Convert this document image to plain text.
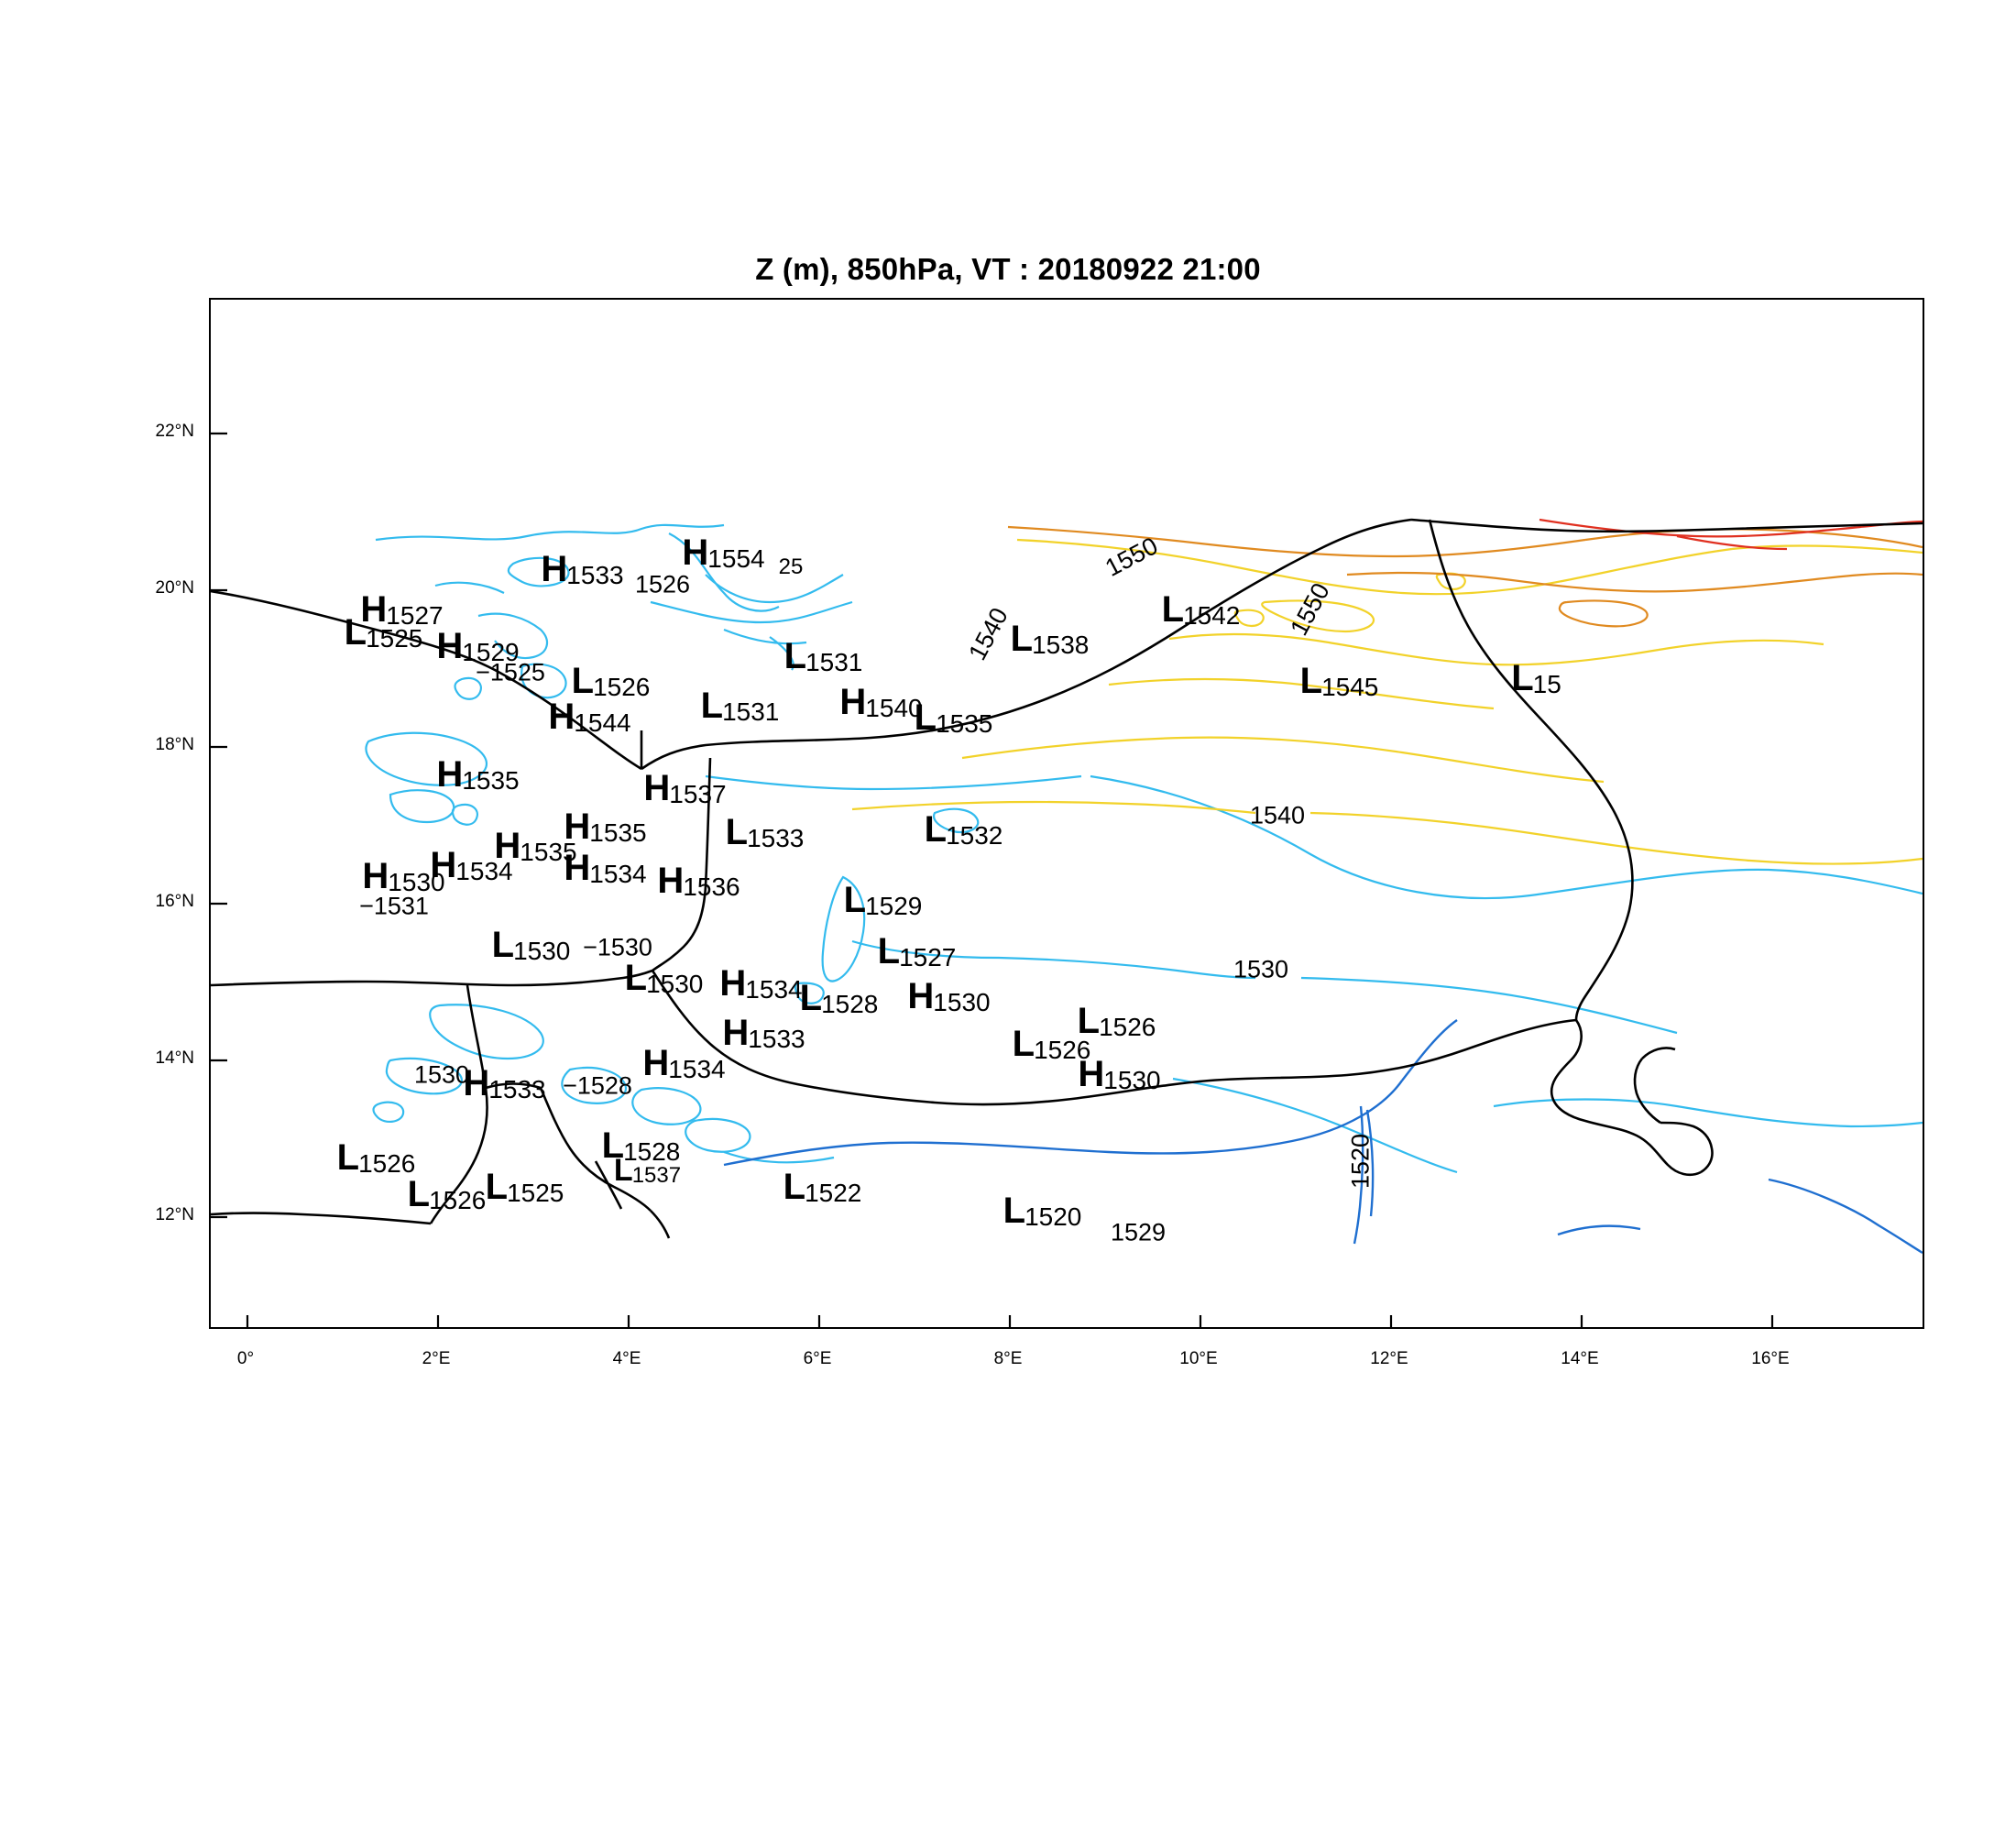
Z (m), 850hPa, VT : 20180922 21:00
H1533
H1554
H1527
L1525 H1529
L1526
L1531
L1531 H1540
L1538
L1542
L1545	L15
L1535
H1544
H1535	H1537
H1535
H1535	L1533	L1532
H1534 H1534
H1530	H1536	L1529
L1530	L1527
L1530 H1534
L1528 H1530 L1526
L1526
H1533
H1534	H1530
H1533
L1528
L1537
L1526
L1526 L1525	L1522	L1520
1550
1550
1540
1540
1530
1530
1520
25
1526
−1530
−1528
−1531
−1525
1529
0°	2°E	4°E	6°E	8°E	10°E	12°E	14°E	16°E
22°N
20°N
18°N
16°N
14°N
12°N
